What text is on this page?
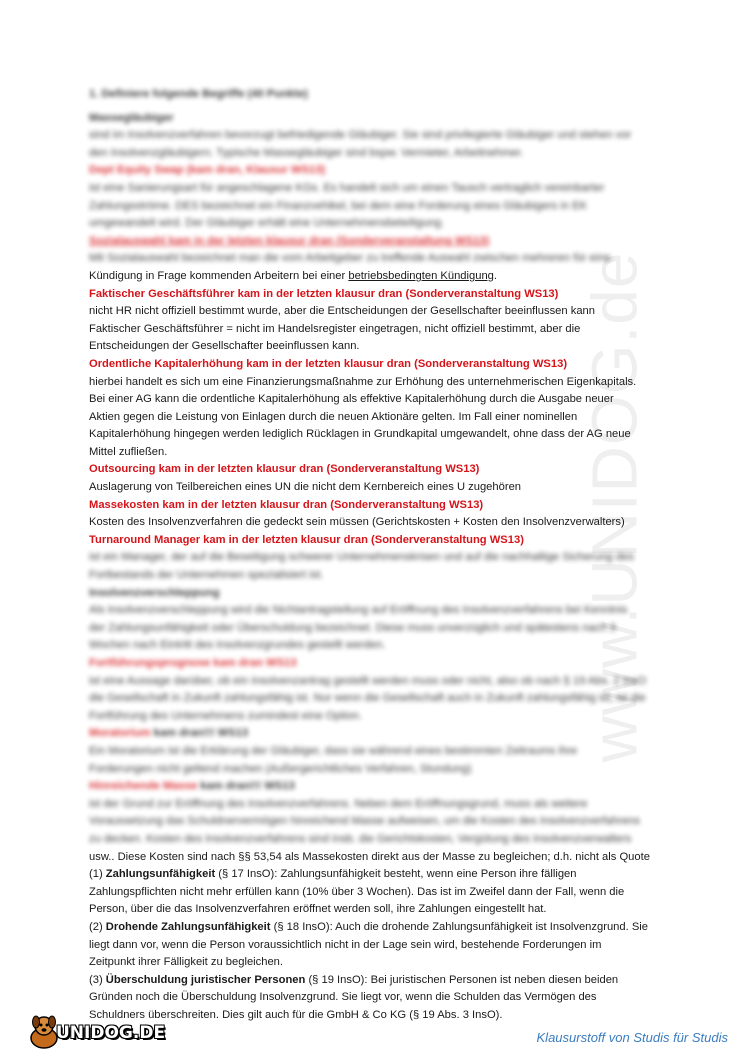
www.UNIDOG.de
1. Definiere folgende Begriffe (40 Punkte)
Massegläubiger
sind im Insolvenzverfahren bevorzugt befriedigende Gläubiger. Sie sind privilegierte Gläubiger und stehen vor
den Insolvenzgläubigern. Typische Massegläubiger sind bspw. Vermieter, Arbeitnehmer.
Dept Equity Swap (kam dran, Klausur WS13)
ist eine Sanierungsart für angeschlagene KGs. Es handelt sich um einen Tausch vertraglich vereinbarter
Zahlungsströme. DES bezeichnet ein Finanzvehikel, bei dem eine Forderung eines Gläubigers in EK
umgewandelt wird. Der Gläubiger erhält eine Unternehmensbeteiligung.
Sozialauswahl kam in der letzten klausur dran (Sonderveranstaltung WS13)
Mit Sozialauswahl bezeichnet man die vom Arbeitgeber zu treffende Auswahl zwischen mehreren für eine
Kündigung in Frage kommenden Arbeitern bei einer betriebsbedingten Kündigung.
Faktischer Geschäftsführer kam in der letzten klausur dran (Sonderveranstaltung WS13)
nicht HR nicht offiziell bestimmt wurde, aber die Entscheidungen der Gesellschafter beeinflussen kann
Faktischer Geschäftsführer = nicht im Handelsregister eingetragen, nicht offiziell bestimmt, aber die
Entscheidungen der Gesellschafter beeinflussen kann.
Ordentliche Kapitalerhöhung kam in der letzten klausur dran (Sonderveranstaltung WS13)
hierbei handelt es sich um eine Finanzierungsmaßnahme zur Erhöhung des unternehmerischen Eigenkapitals.
Bei einer AG kann die ordentliche Kapitalerhöhung als effektive Kapitalerhöhung durch die Ausgabe neuer
Aktien gegen die Leistung von Einlagen durch die neuen Aktionäre gelten. Im Fall einer nominellen
Kapitalerhöhung hingegen werden lediglich Rücklagen in Grundkapital umgewandelt, ohne dass der AG neue
Mittel zufließen.
Outsourcing kam in der letzten klausur dran (Sonderveranstaltung WS13)
Auslagerung von Teilbereichen eines UN die nicht dem Kernbereich eines U zugehören
Massekosten kam in der letzten klausur dran (Sonderveranstaltung WS13)
Kosten des Insolvenzverfahren die gedeckt sein müssen (Gerichtskosten + Kosten den Insolvenzverwalters)
Turnaround Manager kam in der letzten klausur dran (Sonderveranstaltung WS13)
ist ein Manager, der auf die Beseitigung schwerer Unternehmenskrisen und auf die nachhaltige Sicherung des
Fortbestands der Unternehmen spezialisiert ist.
Insolvenzverschleppung
Als Insolvenzverschleppung wird die Nichtantragstellung auf Eröffnung des Insolvenzverfahrens bei Kenntnis
der Zahlungsunfähigkeit oder Überschuldung bezeichnet. Diese muss unverzüglich und spätestens nach 3
Wochen nach Eintritt des Insolvenzgrundes gestellt werden.
Fortführungsprognose kam dran WS13
ist eine Aussage darüber, ob ein Insolvenzantrag gestellt werden muss oder nicht, also ob nach § 19 Abs. 2 InsO
die Gesellschaft in Zukunft zahlungsfähig ist. Nur wenn die Gesellschaft auch in Zukunft zahlungsfähig ist, ist die
Fortführung des Unternehmens zumindest eine Option.
Moratorium kam dran!!! WS13
Ein Moratorium ist die Erklärung der Gläubiger, dass sie während eines bestimmten Zeitraums ihre
Forderungen nicht geltend machen (Außergerichtliches Verfahren, Stundung)
Hinreichende Masse kam dran!!! WS13
ist der Grund zur Eröffnung des Insolvenzverfahrens. Neben dem Eröffnungsgrund, muss als weitere
Voraussetzung das Schuldnervermögen hinreichend Masse aufweisen, um die Kosten des Insolvenzverfahrens
zu decken. Kosten des Insolvenzverfahrens sind insb. die Gerichtskosten, Vergütung des Insolvenzverwalters
usw.. Diese Kosten sind nach §§ 53,54 als Massekosten direkt aus der Masse zu begleichen; d.h. nicht als Quote
(1) Zahlungsunfähigkeit (§ 17 InsO): Zahlungsunfähigkeit besteht, wenn eine Person ihre fälligen
Zahlungspflichten nicht mehr erfüllen kann (10% über 3 Wochen). Das ist im Zweifel dann der Fall, wenn die
Person, über die das Insolvenzverfahren eröffnet werden soll, ihre Zahlungen eingestellt hat.
(2) Drohende Zahlungsunfähigkeit (§ 18 InsO): Auch die drohende Zahlungsunfähigkeit ist Insolvenzgrund. Sie
liegt dann vor, wenn die Person voraussichtlich nicht in der Lage sein wird, bestehende Forderungen im
Zeitpunkt ihrer Fälligkeit zu begleichen.
(3) Überschuldung juristischer Personen (§ 19 InsO): Bei juristischen Personen ist neben diesen beiden
Gründen noch die Überschuldung Insolvenzgrund. Sie liegt vor, wenn die Schulden das Vermögen des
Schuldners überschreiten. Dies gilt auch für die GmbH & Co KG (§ 19 Abs. 3 InsO).
UNIDOG.DE	Klausurstoff von Studis für Studis
